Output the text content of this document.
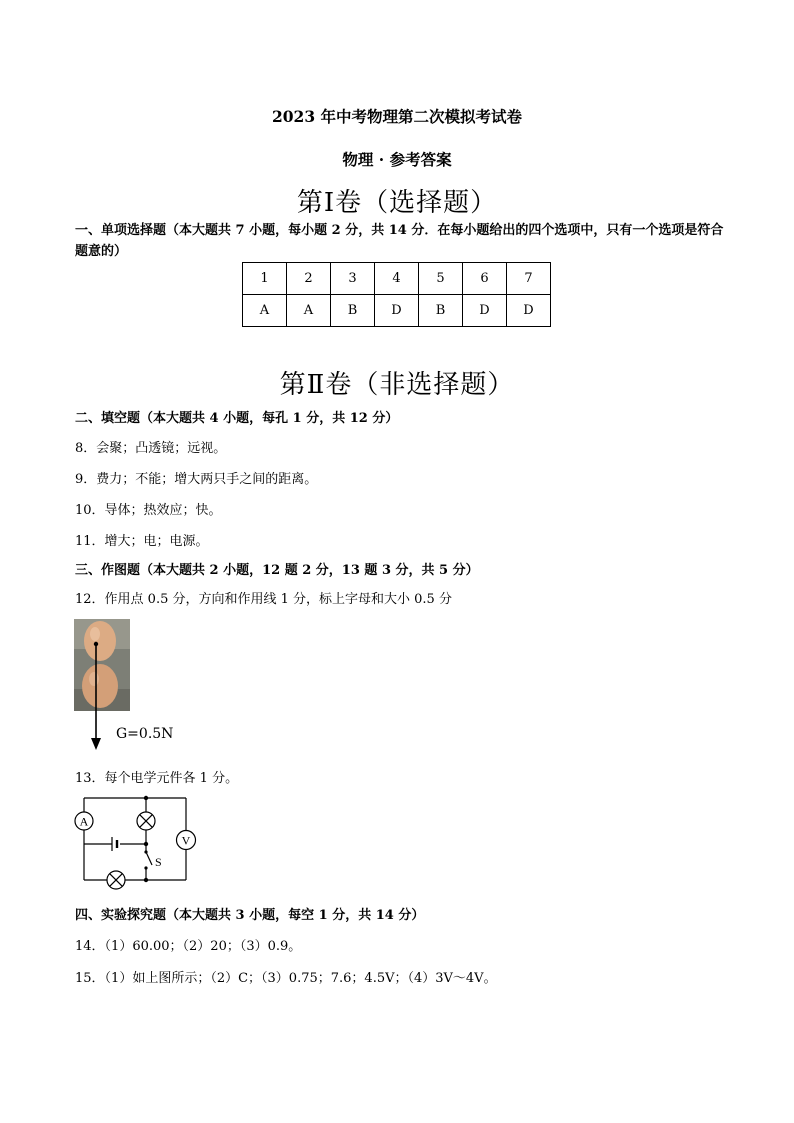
2023 年中考物理第二次模拟考试卷
物理 · 参考答案
第Ⅰ卷（选择题）
一、单项选择题（本大题共 7 小题，每小题 2 分，共 14 分．在每小题给出的四个选项中，只有一个选项是符合题意的）
1	2	3	4	5	6	7
A	A	B	D	B	D	D
第Ⅱ卷（非选择题）
二、填空题（本大题共 4 小题，每孔 1 分，共 12 分）
8．会聚；凸透镜；远视。
9．费力；不能；增大两只手之间的距离。
10．导体；热效应；快。
11．增大；电；电源。
三、作图题（本大题共 2 小题，12 题 2 分，13 题 3 分，共 5 分）
12．作用点 0.5 分，方向和作用线 1 分，标上字母和大小 0.5 分
G=0.5N
13．每个电学元件各 1 分。
A
S
V
四、实验探究题（本大题共 3 小题，每空 1 分，共 14 分）
14．（1）60.00；（2）20；（3）0.9。
15．（1）如上图所示；（2）C；（3）0.75；7.6；4.5V；（4）3V～4V。
